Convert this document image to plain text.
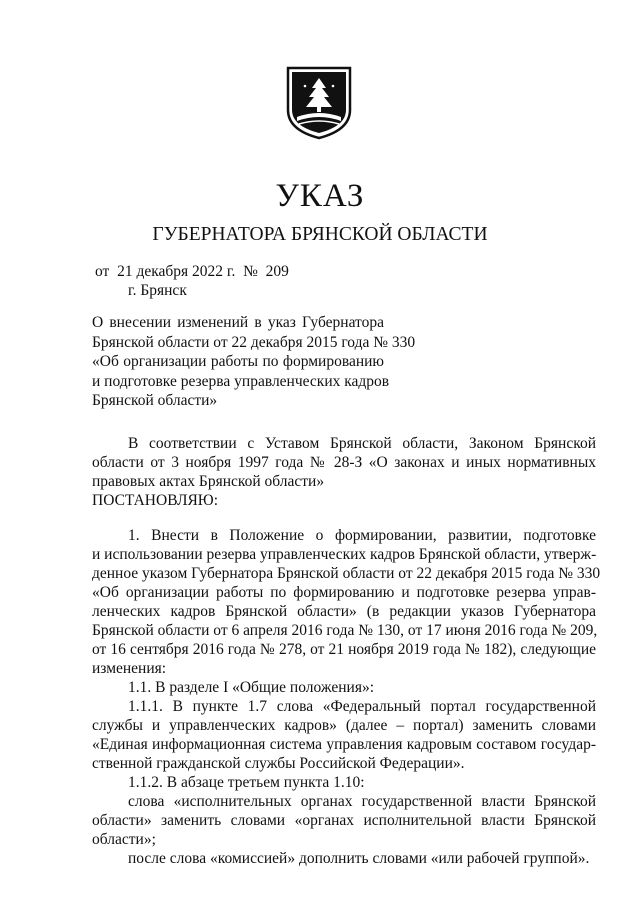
УКАЗ
ГУБЕРНАТОРА БРЯНСКОЙ ОБЛАСТИ
от  21 декабря 2022 г.  №  209
г. Брянск
О внесении изменений в указ Губернатора
Брянской области от 22 декабря 2015 года № 330
«Об организации работы по формированию
и подготовке резерва управленческих кадров
Брянской области»
В соответствии с Уставом Брянской области, Законом Брянской
области от 3 ноября 1997 года № 28-З «О законах и иных нормативных
правовых актах Брянской области»
ПОСТАНОВЛЯЮ:
1. Внести в Положение о формировании, развитии, подготовке
и использовании резерва управленческих кадров Брянской области, утверж-
денное указом Губернатора Брянской области от 22 декабря 2015 года № 330
«Об организации работы по формированию и подготовке резерва управ-
ленческих кадров Брянской области» (в редакции указов Губернатора
Брянской области от 6 апреля 2016 года № 130, от 17 июня 2016 года № 209,
от 16 сентября 2016 года № 278, от 21 ноября 2019 года № 182), следующие
изменения:
1.1. В разделе I «Общие положения»:
1.1.1. В пункте 1.7 слова «Федеральный портал государственной
службы и управленческих кадров» (далее – портал) заменить словами
«Единая информационная система управления кадровым составом государ-
ственной гражданской службы Российской Федерации».
1.1.2. В абзаце третьем пункта 1.10:
слова «исполнительных органах государственной власти Брянской
области» заменить словами «органах исполнительной власти Брянской
области»;
после слова «комиссией» дополнить словами «или рабочей группой».
